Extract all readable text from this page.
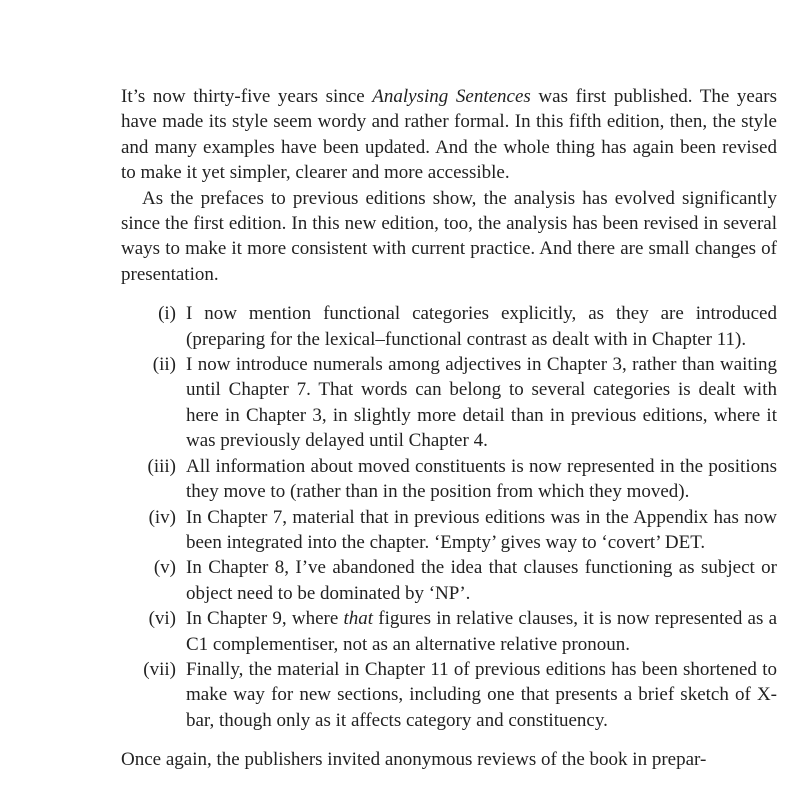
It’s now thirty-five years since Analysing Sentences was first published. The years have made its style seem wordy and rather formal. In this fifth edition, then, the style and many examples have been updated. And the whole thing has again been revised to make it yet simpler, clearer and more accessible.

As the prefaces to previous editions show, the analysis has evolved significantly since the first edition. In this new edition, too, the analysis has been revised in several ways to make it more consistent with current practice. And there are small changes of presentation.

(i) I now mention functional categories explicitly, as they are introduced (preparing for the lexical–functional contrast as dealt with in Chapter 11).
(ii) I now introduce numerals among adjectives in Chapter 3, rather than waiting until Chapter 7. That words can belong to several categories is dealt with here in Chapter 3, in slightly more detail than in previous editions, where it was previously delayed until Chapter 4.
(iii) All information about moved constituents is now represented in the positions they move to (rather than in the position from which they moved).
(iv) In Chapter 7, material that in previous editions was in the Appendix has now been integrated into the chapter. ‘Empty’ gives way to ‘covert’ DET.
(v) In Chapter 8, I’ve abandoned the idea that clauses functioning as subject or object need to be dominated by ‘NP’.
(vi) In Chapter 9, where that figures in relative clauses, it is now represented as a C1 complementiser, not as an alternative relative pronoun.
(vii) Finally, the material in Chapter 11 of previous editions has been shortened to make way for new sections, including one that presents a brief sketch of X-bar, though only as it affects category and constituency.

Once again, the publishers invited anonymous reviews of the book in prepar-
